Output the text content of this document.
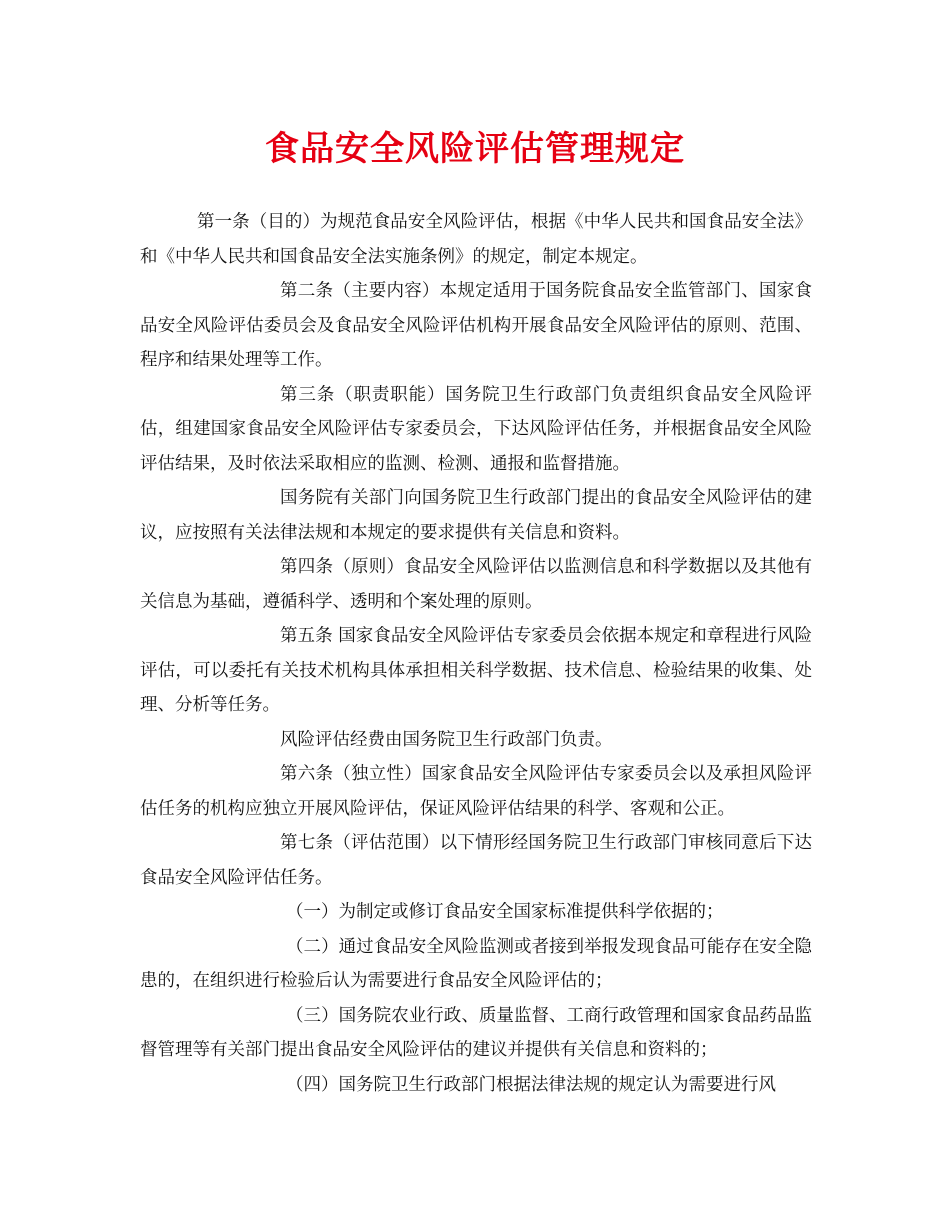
食品安全风险评估管理规定

第一条（目的）为规范食品安全风险评估，根据《中华人民共和国食品安全法》和《中华人民共和国食品安全法实施条例》的规定，制定本规定。

第二条（主要内容）本规定适用于国务院食品安全监管部门、国家食品安全风险评估委员会及食品安全风险评估机构开展食品安全风险评估的原则、范围、程序和结果处理等工作。

第三条（职责职能）国务院卫生行政部门负责组织食品安全风险评估，组建国家食品安全风险评估专家委员会，下达风险评估任务，并根据食品安全风险评估结果，及时依法采取相应的监测、检测、通报和监督措施。

国务院有关部门向国务院卫生行政部门提出的食品安全风险评估的建议，应按照有关法律法规和本规定的要求提供有关信息和资料。

第四条（原则）食品安全风险评估以监测信息和科学数据以及其他有关信息为基础，遵循科学、透明和个案处理的原则。

第五条 国家食品安全风险评估专家委员会依据本规定和章程进行风险评估，可以委托有关技术机构具体承担相关科学数据、技术信息、检验结果的收集、处理、分析等任务。

风险评估经费由国务院卫生行政部门负责。

第六条（独立性）国家食品安全风险评估专家委员会以及承担风险评估任务的机构应独立开展风险评估，保证风险评估结果的科学、客观和公正。

第七条（评估范围）以下情形经国务院卫生行政部门审核同意后下达食品安全风险评估任务。

（一）为制定或修订食品安全国家标准提供科学依据的；

（二）通过食品安全风险监测或者接到举报发现食品可能存在安全隐患的，在组织进行检验后认为需要进行食品安全风险评估的；

（三）国务院农业行政、质量监督、工商行政管理和国家食品药品监督管理等有关部门提出食品安全风险评估的建议并提供有关信息和资料的；

（四）国务院卫生行政部门根据法律法规的规定认为需要进行风
